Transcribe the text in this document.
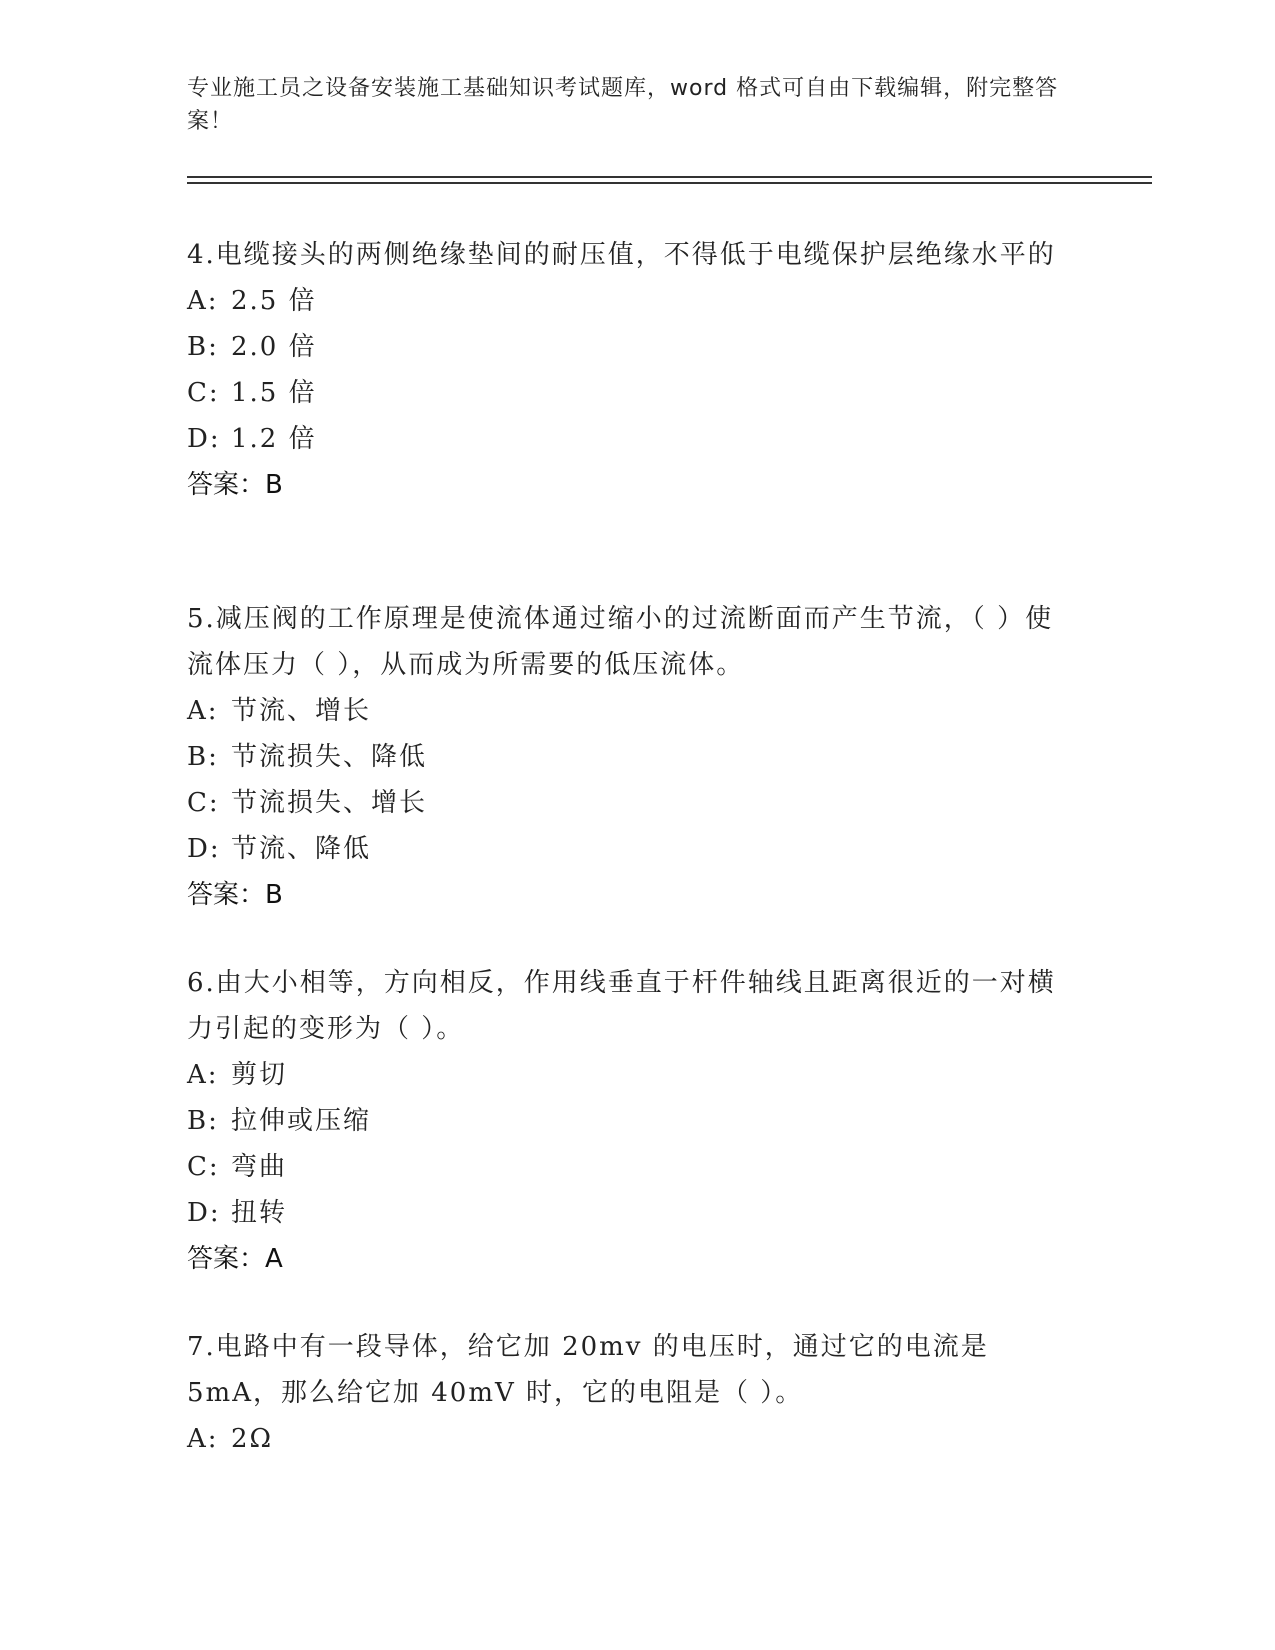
专业施工员之设备安装施工基础知识考试题库，word 格式可自由下载编辑，附完整答案！

4.电缆接头的两侧绝缘垫间的耐压值，不得低于电缆保护层绝缘水平的

A: 2.5 倍

B: 2.0 倍

C: 1.5 倍

D: 1.2 倍

答案：B

5.减压阀的工作原理是使流体通过缩小的过流断面而产生节流，（ ）使流体压力（ ），从而成为所需要的低压流体。

A: 节流、增长

B: 节流损失、降低

C: 节流损失、增长

D: 节流、降低

答案：B

6.由大小相等，方向相反，作用线垂直于杆件轴线且距离很近的一对横力引起的变形为（ ）。

A: 剪切

B: 拉伸或压缩

C: 弯曲

D: 扭转

答案：A

7.电路中有一段导体，给它加 20mv 的电压时，通过它的电流是 5mA，那么给它加 40mV 时，它的电阻是（ ）。

A: 2Ω
